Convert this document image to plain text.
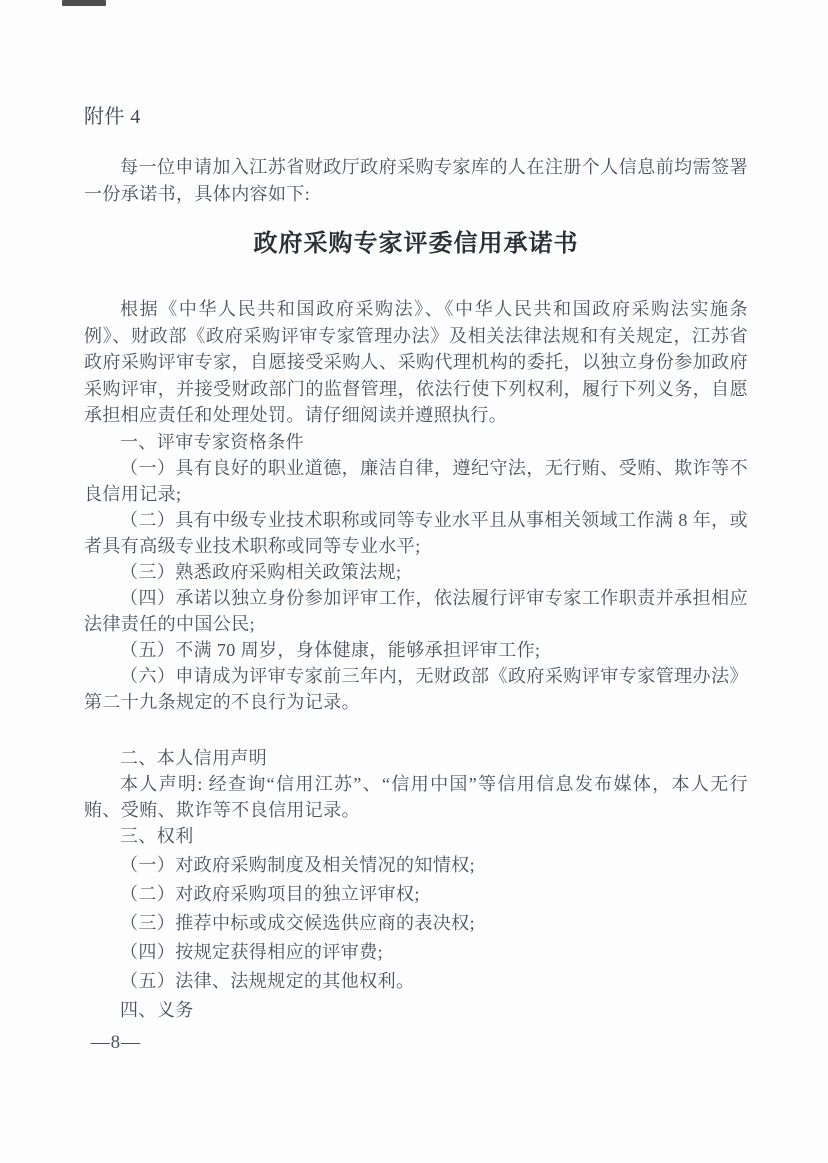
附件 4

每一位申请加入江苏省财政厅政府采购专家库的人在注册个人信息前均需签署一份承诺书，具体内容如下:

政府采购专家评委信用承诺书

根据《中华人民共和国政府采购法》、《中华人民共和国政府采购法实施条例》、财政部《政府采购评审专家管理办法》及相关法律法规和有关规定，江苏省政府采购评审专家，自愿接受采购人、采购代理机构的委托，以独立身份参加政府采购评审，并接受财政部门的监督管理，依法行使下列权利，履行下列义务，自愿承担相应责任和处理处罚。请仔细阅读并遵照执行。

一、评审专家资格条件

（一）具有良好的职业道德，廉洁自律，遵纪守法，无行贿、受贿、欺诈等不良信用记录;

（二）具有中级专业技术职称或同等专业水平且从事相关领域工作满 8 年，或者具有高级专业技术职称或同等专业水平;

（三）熟悉政府采购相关政策法规;

（四）承诺以独立身份参加评审工作，依法履行评审专家工作职责并承担相应法律责任的中国公民;

（五）不满 70 周岁，身体健康，能够承担评审工作;

（六）申请成为评审专家前三年内，无财政部《政府采购评审专家管理办法》第二十九条规定的不良行为记录。

二、本人信用声明

本人声明: 经查询“信用江苏”、“信用中国”等信用信息发布媒体，本人无行贿、受贿、欺诈等不良信用记录。

三、权利

（一）对政府采购制度及相关情况的知情权;

（二）对政府采购项目的独立评审权;

（三）推荐中标或成交候选供应商的表决权;

（四）按规定获得相应的评审费;

（五）法律、法规规定的其他权利。

四、义务

—8—
